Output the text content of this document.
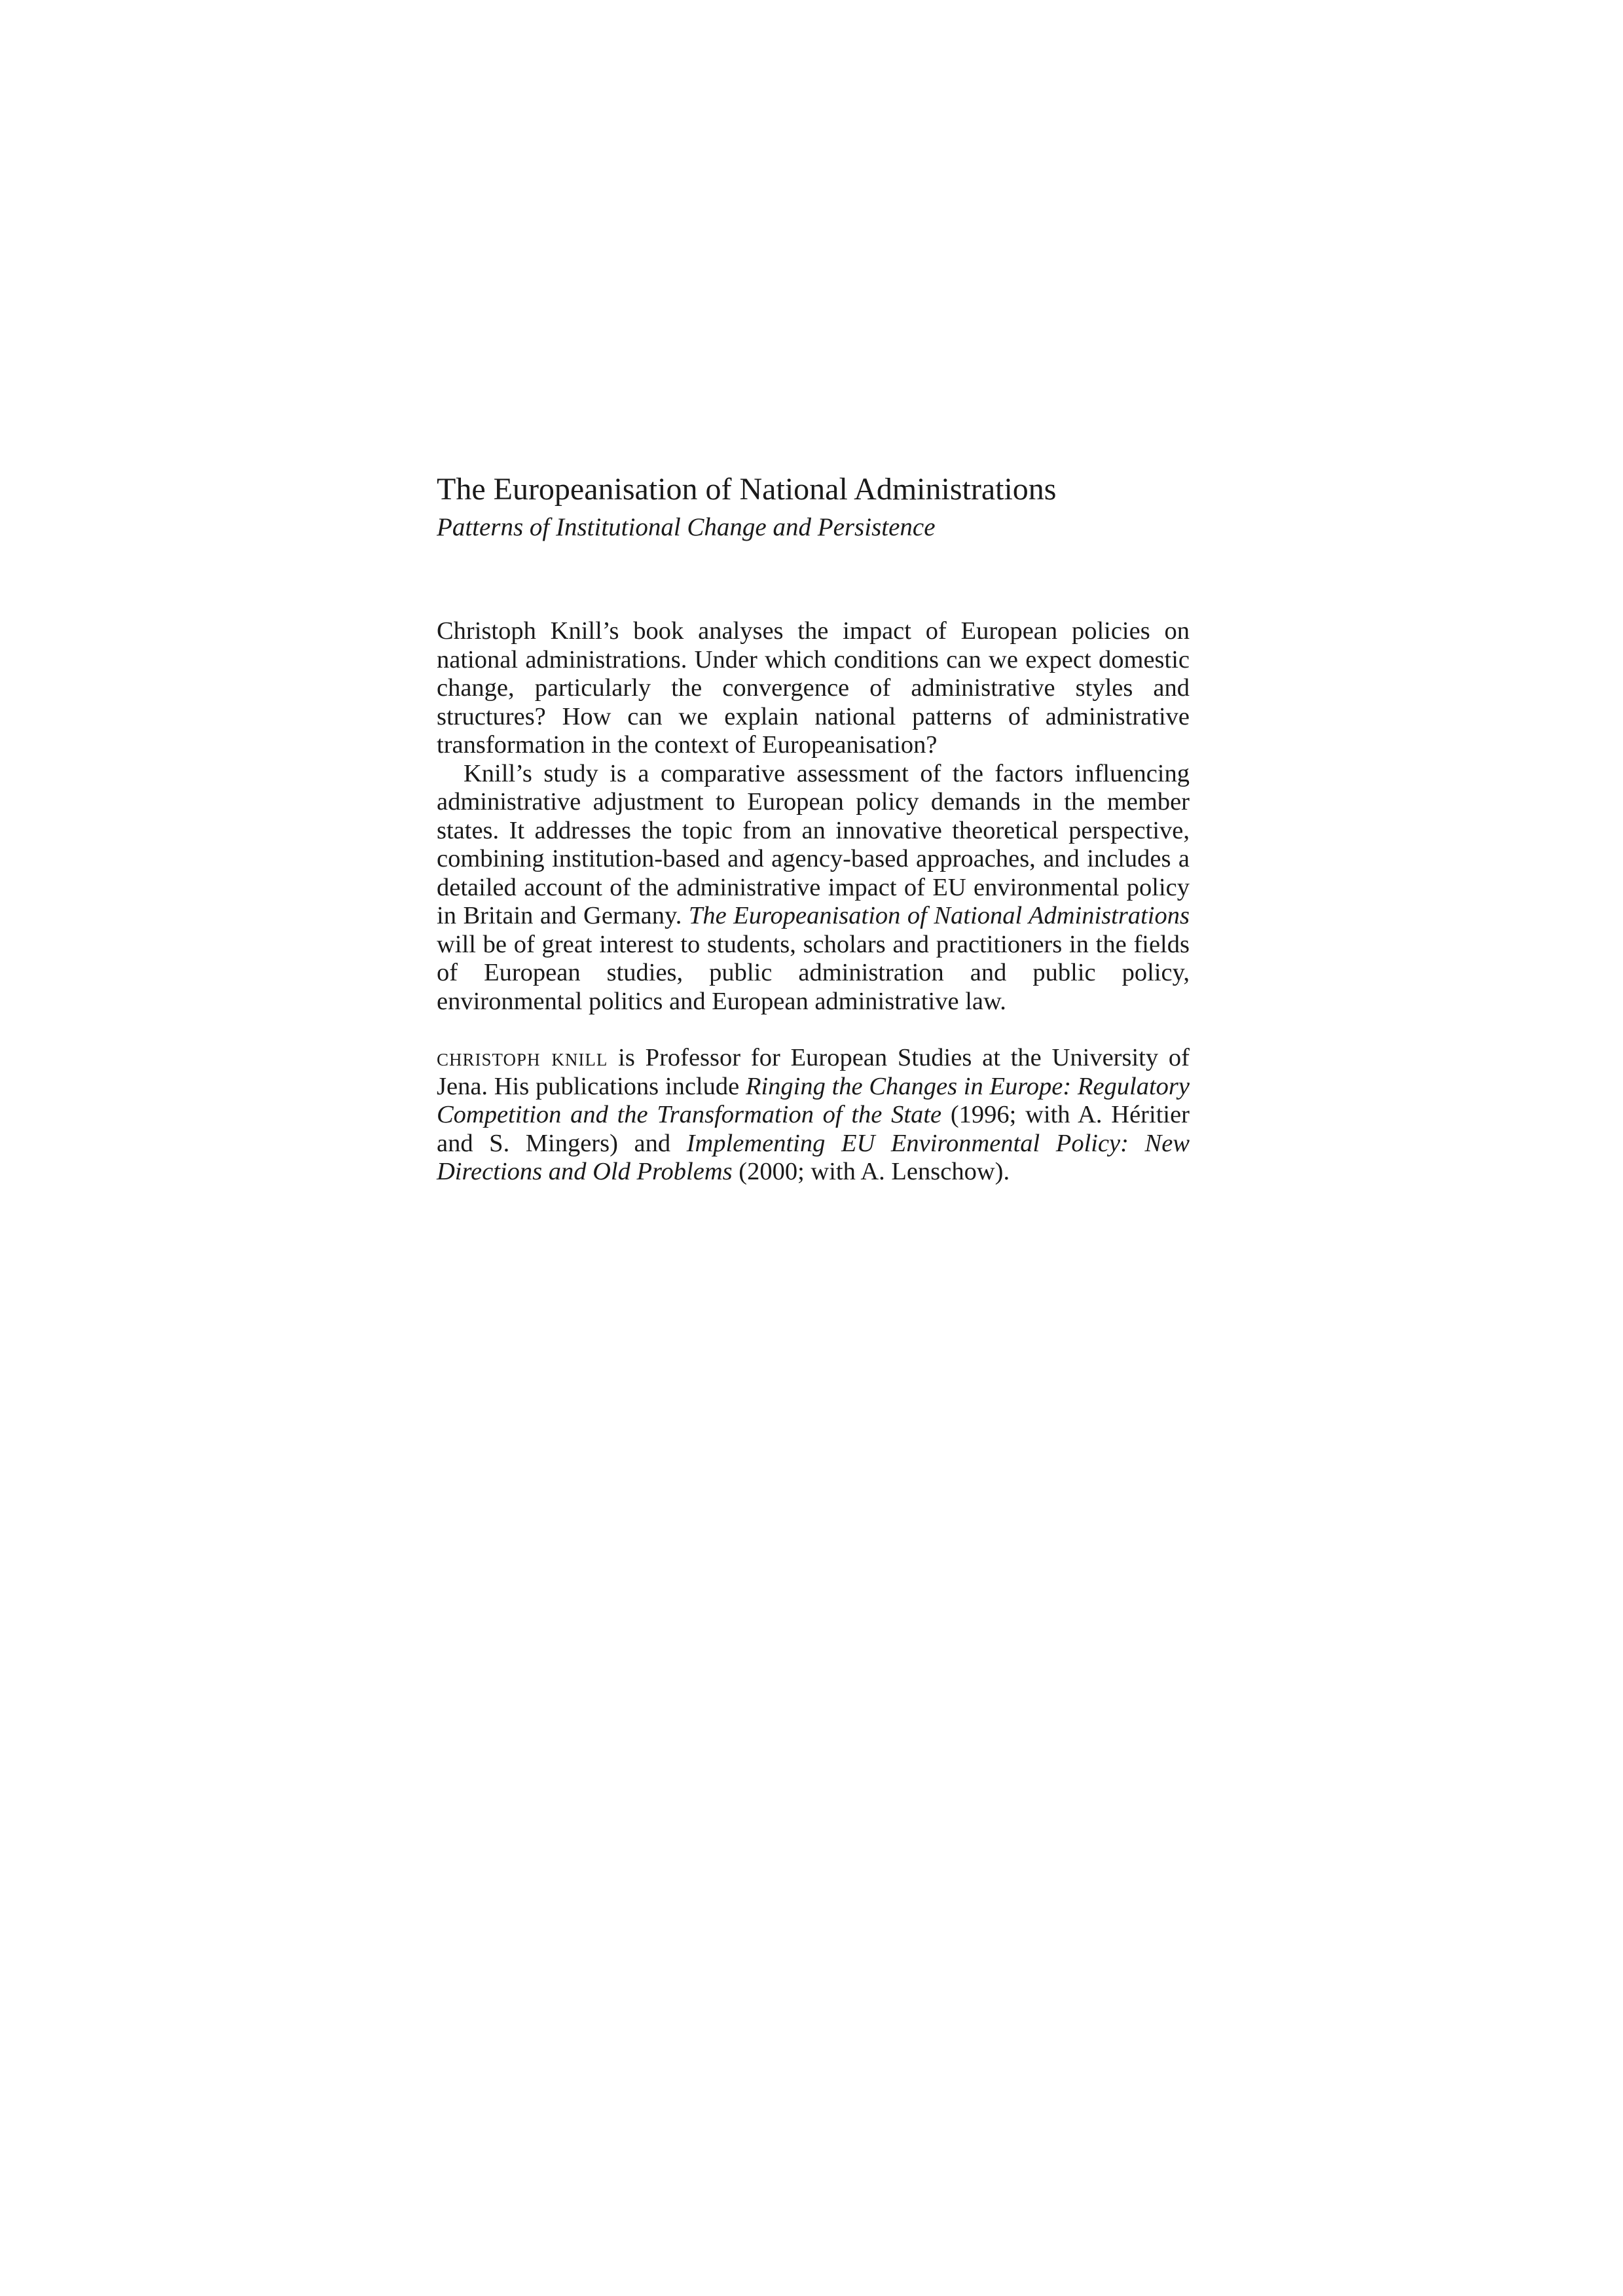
The Europeanisation of National Administrations
Patterns of Institutional Change and Persistence

Christoph Knill’s book analyses the impact of European policies on national administrations. Under which conditions can we expect domestic change, particularly the convergence of administrative styles and structures? How can we explain national patterns of administrative transformation in the context of Europeanisation?

Knill’s study is a comparative assessment of the factors influencing administrative adjustment to European policy demands in the member states. It addresses the topic from an innovative theoretical perspective, combining institution-based and agency-based approaches, and includes a detailed account of the administrative impact of EU environmental policy in Britain and Germany. The Europeanisation of National Administrations will be of great interest to students, scholars and practitioners in the fields of European studies, public administration and public policy, environmental politics and European administrative law.

christoph knill is Professor for European Studies at the University of Jena. His publications include Ringing the Changes in Europe: Regulatory Competition and the Transformation of the State (1996; with A. Héritier and S. Mingers) and Implementing EU Environmental Policy: New Directions and Old Problems (2000; with A. Lenschow).
